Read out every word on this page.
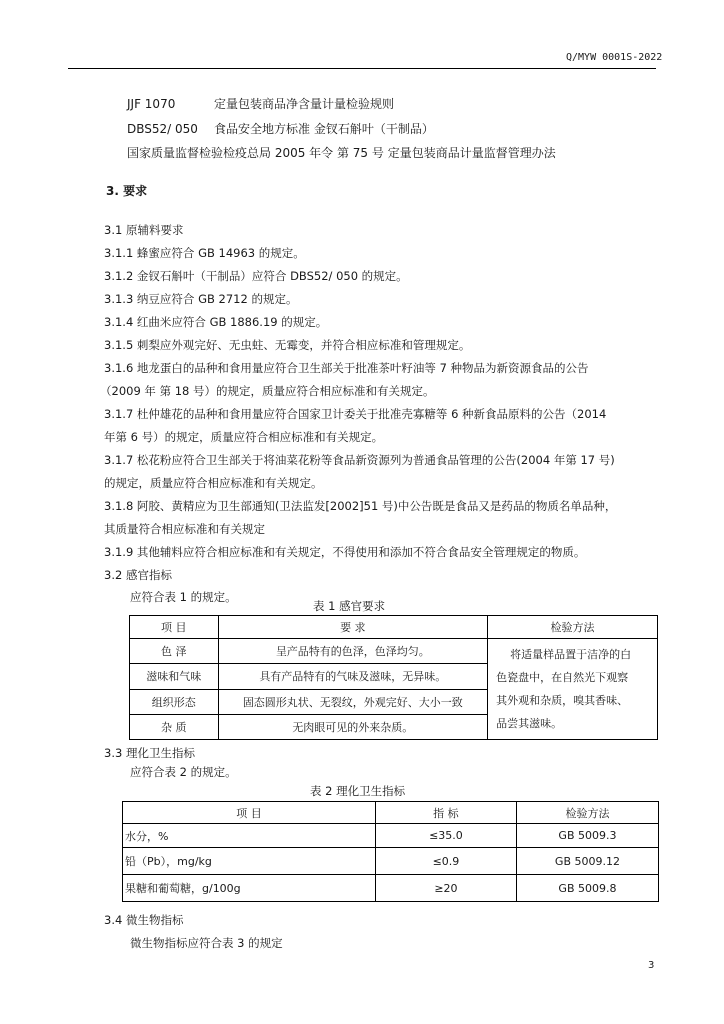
Q/MYW 0001S-2022
JJF 1070	定量包装商品净含量计量检验规则
DBS52/ 050 食品安全地方标准 金钗石斛叶（干制品）
国家质量监督检验检疫总局 2005 年令 第 75 号 定量包装商品计量监督管理办法
3. 要求
3.1 原辅料要求
3.1.1 蜂蜜应符合 GB 14963 的规定。
3.1.2 金钗石斛叶（干制品）应符合 DBS52/ 050 的规定。
3.1.3 纳豆应符合 GB 2712 的规定。
3.1.4 红曲米应符合 GB 1886.19 的规定。
3.1.5 刺梨应外观完好、无虫蛀、无霉变，并符合相应标准和管理规定。
3.1.6 地龙蛋白的品种和食用量应符合卫生部关于批准茶叶籽油等 7 种物品为新资源食品的公告
（2009 年 第 18 号）的规定，质量应符合相应标准和有关规定。
3.1.7 杜仲雄花的品种和食用量应符合国家卫计委关于批准壳寡糖等 6 种新食品原料的公告（2014
年第 6 号）的规定，质量应符合相应标准和有关规定。
3.1.7 松花粉应符合卫生部关于将油菜花粉等食品新资源列为普通食品管理的公告(2004 年第 17 号)
的规定，质量应符合相应标准和有关规定。
3.1.8 阿胶、黄精应为卫生部通知(卫法监发[2002]51 号)中公告既是食品又是药品的物质名单品种，
其质量符合相应标准和有关规定
3.1.9 其他辅料应符合相应标准和有关规定，不得使用和添加不符合食品安全管理规定的物质。
3.2 感官指标
应符合表 1 的规定。
表 1 感官要求
项 目	要 求	检验方法
色 泽	呈产品特有的色泽，色泽均匀。	将适量样品置于洁净的白
色瓷盘中，在自然光下观察
其外观和杂质，嗅其香味、
品尝其滋味。

滋味和气味	具有产品特有的气味及滋味，无异味。	
组织形态	固态圆形丸状、无裂纹，外观完好、大小一致	
杂 质	无肉眼可见的外来杂质。	
3.3 理化卫生指标
应符合表 2 的规定。
表 2 理化卫生指标
项 目	指 标	检验方法
水分，%	≤35.0	GB 5009.3
铅（Pb），mg/kg	≤0.9	GB 5009.12
果糖和葡萄糖，g/100g	≥20	GB 5009.8
3.4 微生物指标
微生物指标应符合表 3 的规定
3
